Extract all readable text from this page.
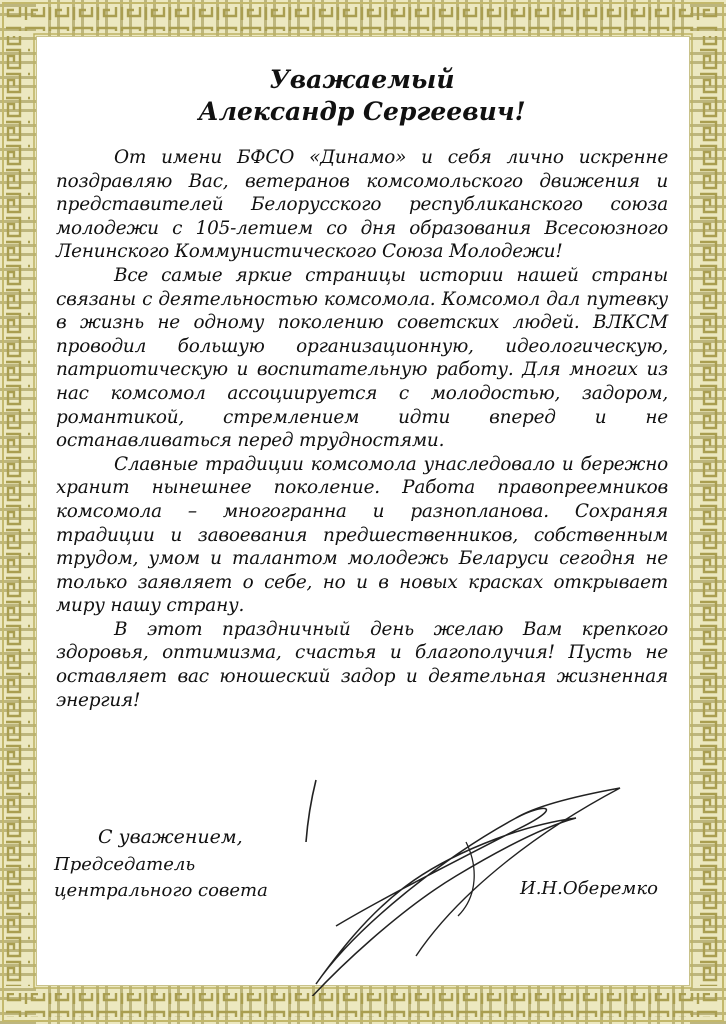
Уважаемый
Александр Сергеевич!

От имени БФСО «Динамо» и себя лично искренне поздравляю Вас, ветеранов комсомольского движения и представителей Белорусского республиканского союза молодежи с 105-летием со дня образования Всесоюзного Ленинского Коммунистического Союза Молодежи!

Все самые яркие страницы истории нашей страны связаны с деятельностью комсомола. Комсомол дал путевку в жизнь не одному поколению советских людей. ВЛКСМ проводил большую организационную, идеологическую, патриотическую и воспитательную работу. Для многих из нас комсомол ассоциируется с молодостью, задором, романтикой, стремлением идти вперед и не останавливаться перед трудностями.

Славные традиции комсомола унаследовало и бережно хранит нынешнее поколение. Работа правопреемников комсомола – многогранна и разнопланова. Сохраняя традиции и завоевания предшественников, собственным трудом, умом и талантом молодежь Беларуси сегодня не только заявляет о себе, но и в новых красках открывает миру нашу страну.

В этот праздничный день желаю Вам крепкого здоровья, оптимизма, счастья и благополучия! Пусть не оставляет вас юношеский задор и деятельная жизненная энергия!

С уважением,
Председатель
центрального совета	И.Н.Оберемко
